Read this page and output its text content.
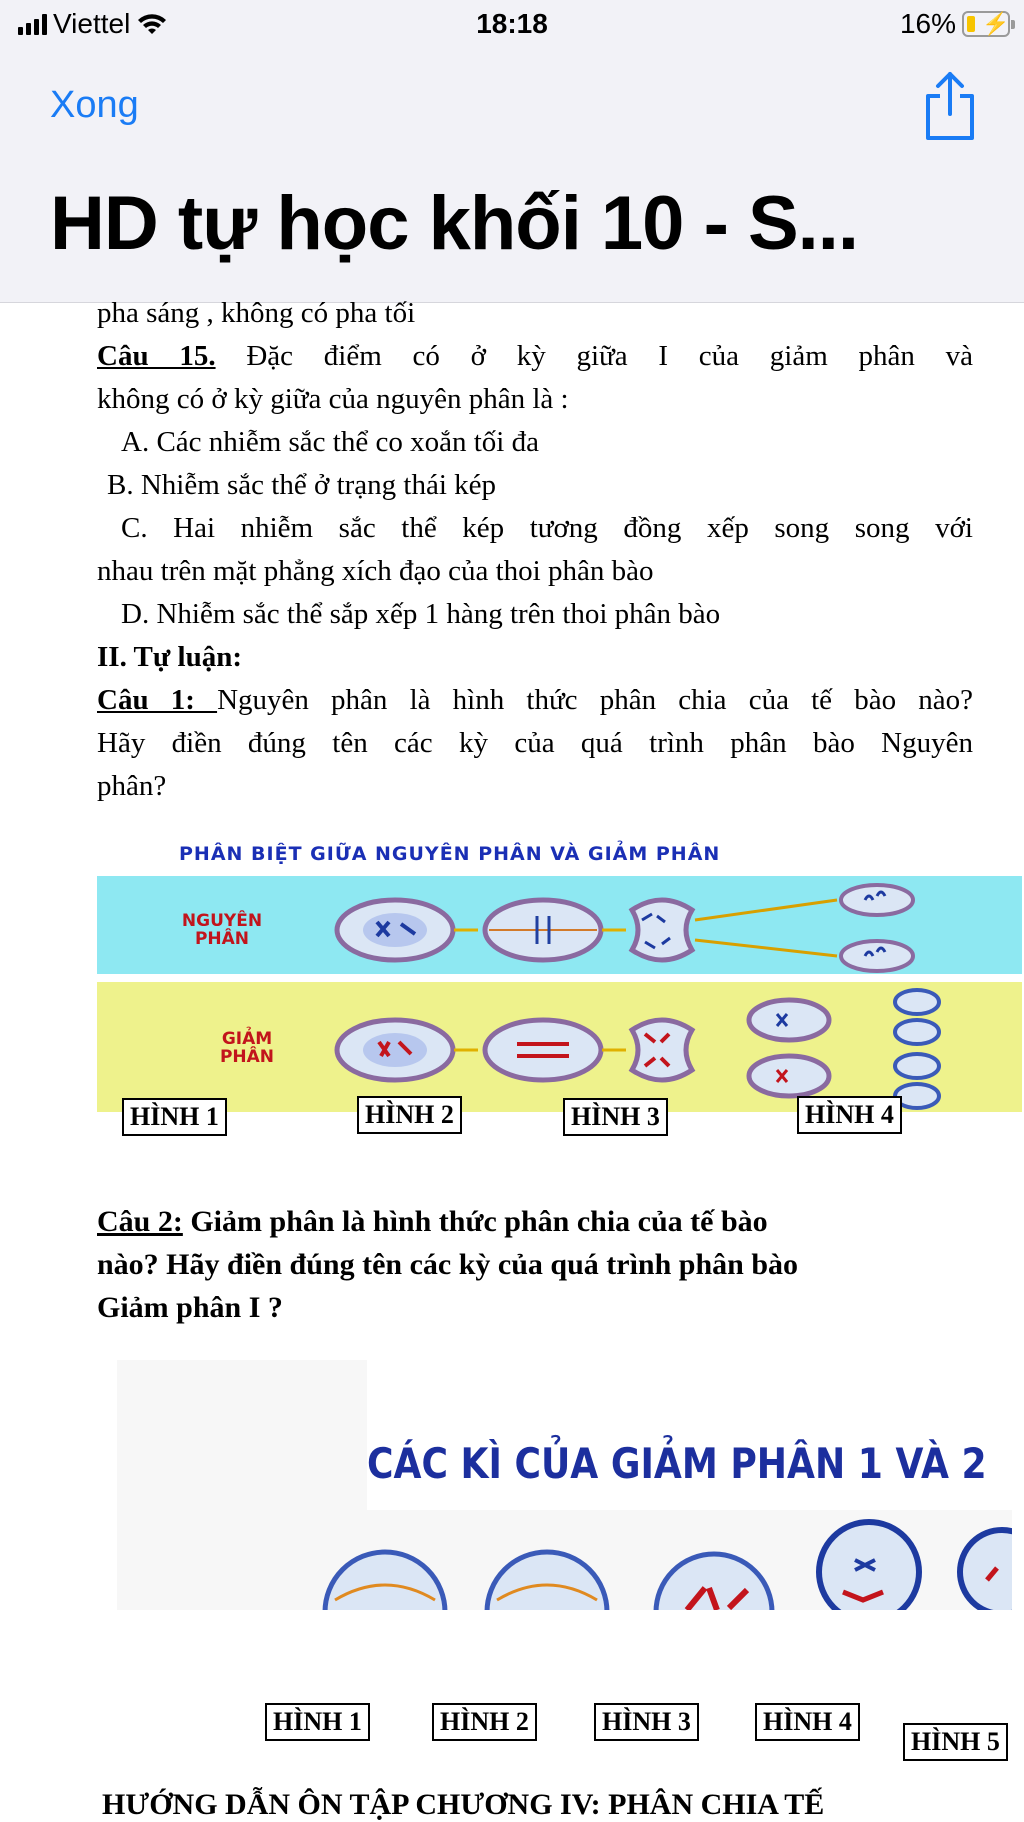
Viettel	18:18	16% ⚡
Xong
HD tự học khối 10 - S...
pha sáng , không có pha tối
Câu 15. Đặc điểm có ở kỳ giữa I của giảm phân và
không có ở kỳ giữa của nguyên phân là :
A. Các nhiễm sắc thể co xoắn tối đa
B. Nhiễm sắc thể ở trạng thái kép
C. Hai nhiễm sắc thể kép tương đồng xếp song song với
nhau trên mặt phẳng xích đạo của thoi phân bào
D. Nhiễm sắc thể sắp xếp 1 hàng trên thoi phân bào
II. Tự luận:
Câu 1: Nguyên phân là hình thức phân chia của tế bào nào?
Hãy điền đúng tên các kỳ của quá trình phân bào Nguyên
phân?
PHÂN BIỆT GIỮA NGUYÊN PHÂN VÀ GIẢM PHÂN
NGUYÊN
PHÂN
GIẢM
PHÂN
HÌNH 1	HÌNH 2	HÌNH 3	HÌNH 4
Câu 2: Giảm phân là hình thức phân chia của tế bào
nào? Hãy điền đúng tên các kỳ của quá trình phân bào
Giảm phân I ?
CÁC KÌ CỦA GIẢM PHÂN 1 VÀ 2
HÌNH 1	HÌNH 2	HÌNH 3	HÌNH 4
HÌNH 5
HƯỚNG DẪN ÔN TẬP CHƯƠNG IV: PHÂN CHIA TẾ
